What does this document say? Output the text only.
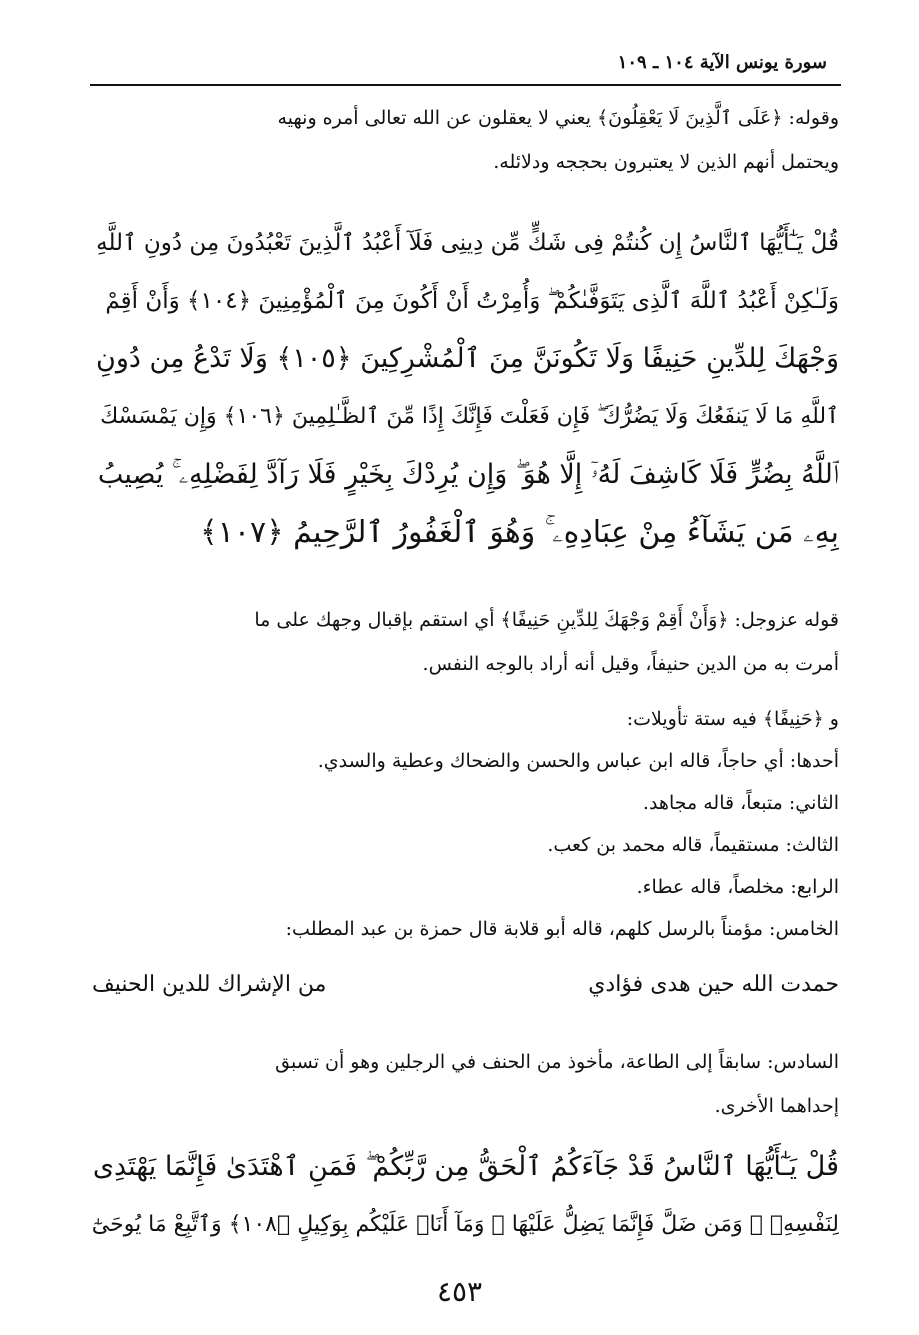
سورة يونس الآية ١٠٤ ـ ١٠٩
وقوله: ﴿عَلَى ٱلَّذِينَ لَا يَعْقِلُونَ﴾ يعني لا يعقلون عن الله تعالى أمره ونهيه
ويحتمل أنهم الذين لا يعتبرون بحججه ودلائله.
قُلْ يَـٰٓأَيُّهَا ٱلنَّاسُ إِن كُنتُمْ فِى شَكٍّ مِّن دِينِى فَلَآ أَعْبُدُ ٱلَّذِينَ تَعْبُدُونَ مِن دُونِ ٱللَّهِ
وَلَـٰكِنْ أَعْبُدُ ٱللَّهَ ٱلَّذِى يَتَوَفَّىٰكُمْ ۖ وَأُمِرْتُ أَنْ أَكُونَ مِنَ ٱلْمُؤْمِنِينَ ﴿١٠٤﴾ وَأَنْ أَقِمْ
وَجْهَكَ لِلدِّينِ حَنِيفًا وَلَا تَكُونَنَّ مِنَ ٱلْمُشْرِكِينَ ﴿١٠٥﴾ وَلَا تَدْعُ مِن دُونِ
ٱللَّهِ مَا لَا يَنفَعُكَ وَلَا يَضُرُّكَ ۖ فَإِن فَعَلْتَ فَإِنَّكَ إِذًا مِّنَ ٱلظَّـٰلِمِينَ ﴿١٠٦﴾ وَإِن يَمْسَسْكَ
ٱللَّهُ بِضُرٍّ فَلَا كَاشِفَ لَهُۥٓ إِلَّا هُوَ ۖ وَإِن يُرِدْكَ بِخَيْرٍ فَلَا رَآدَّ لِفَضْلِهِۦ ۚ يُصِيبُ
بِهِۦ مَن يَشَآءُ مِنْ عِبَادِهِۦ ۚ وَهُوَ ٱلْغَفُورُ ٱلرَّحِيمُ ﴿١٠٧﴾
قوله عزوجل: ﴿وَأَنْ أَقِمْ وَجْهَكَ لِلدِّينِ حَنِيفًا﴾ أي استقم بإقبال وجهك على ما
أمرت به من الدين حنيفاً، وقيل أنه أراد بالوجه النفس.
و ﴿حَنِيفًا﴾ فيه ستة تأويلات:
أحدها: أي حاجاً، قاله ابن عباس والحسن والضحاك وعطية والسدي.
الثاني: متبعاً، قاله مجاهد.
الثالث: مستقيماً، قاله محمد بن كعب.
الرابع: مخلصاً، قاله عطاء.
الخامس: مؤمناً بالرسل كلهم، قاله أبو قلابة قال حمزة بن عبد المطلب:
حمدت الله حين هدى فؤادي
من الإشراك للدين الحنيف
السادس: سابقاً إلى الطاعة، مأخوذ من الحنف في الرجلين وهو أن تسبق
إحداهما الأخرى.
قُلْ يَـٰٓأَيُّهَا ٱلنَّاسُ قَدْ جَآءَكُمُ ٱلْحَقُّ مِن رَّبِّكُمْ ۖ فَمَنِ ٱهْتَدَىٰ فَإِنَّمَا يَهْتَدِى
لِنَفْسِهِۦ ۖ وَمَن ضَلَّ فَإِنَّمَا يَضِلُّ عَلَيْهَا ۖ وَمَآ أَنَا۠ عَلَيْكُم بِوَكِيلٍ ﴿١٠٨﴾ وَٱتَّبِعْ مَا يُوحَىٰٓ
٤٥٣
